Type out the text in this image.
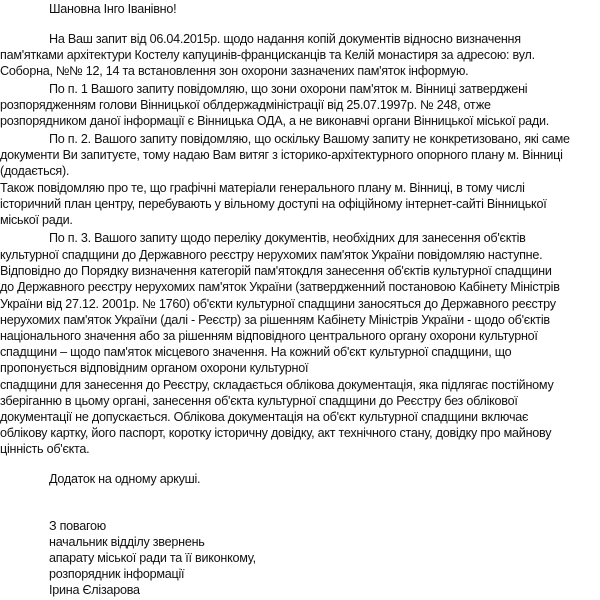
Шановна Інго Іванівно!
На Ваш запит від 06.04.2015р. щодо надання копій документів відносно визначення
пам'ятками архітектури Костелу капуцинів-францисканців та Келій монастиря за адресою: вул.
Соборна, №№ 12, 14 та встановлення зон охорони зазначених пам'яток інформую.
По п. 1 Вашого запиту повідомляю, що зони охорони пам'яток м. Вінниці затверджені
розпорядженням голови Вінницької облдержадміністрації від 25.07.1997р. № 248, отже
розпорядником даної інформації є Вінницька ОДА, а не виконавчі органи Вінницької міської ради.
По п. 2. Вашого запиту повідомляю, що оскільку Вашому запиту не конкретизовано, які саме
документи Ви запитуєте, тому надаю Вам витяг з історико-архітектурного опорного плану м. Вінниці
(додається).
Також повідомляю про те, що графічні матеріали генерального плану м. Вінниці, в тому числі
історичний план центру, перебувають у вільному доступі на офіційному інтернет-сайті Вінницької
міської ради.
По п. 3. Вашого запиту щодо переліку документів, необхідних для занесення об'єктів
культурної спадщини до Державного реєстру нерухомих пам'яток України повідомляю наступне.
Відповідно до Порядку визначення категорій пам'ятокдля занесення об'єктів культурної спадщини
до Державного реєстру нерухомих пам'яток України (затвердженний постановою Кабінету Міністрів
України від 27.12. 2001р. № 1760) об'єкти культурної спадщини заносяться до Державного реєстру
нерухомих пам'яток України (далі - Реєстр) за рішенням Кабінету Міністрів України - щодо об'єктів
національного значення або за рішенням відповідного центрального органу охорони культурної
спадщини – щодо пам'яток місцевого значення. На кожний об'єкт культурної спадщини, що
пропонується відповідним органом охорони культурної
спадщини для занесення до Реєстру, складається облікова документація, яка підлягає постійному
зберіганню в цьому органі, занесення об'єкта культурної спадщини до Реєстру без облікової
документації не допускається. Облікова документація на об'єкт культурної спадщини включає
облікову картку, його паспорт, коротку історичну довідку, акт технічного стану, довідку про майнову
цінність об'єкта.
Додаток на одному аркуші.
З повагою
начальник відділу звернень
апарату міської ради та її виконкому,
розпорядник інформації
Ірина Єлізарова
